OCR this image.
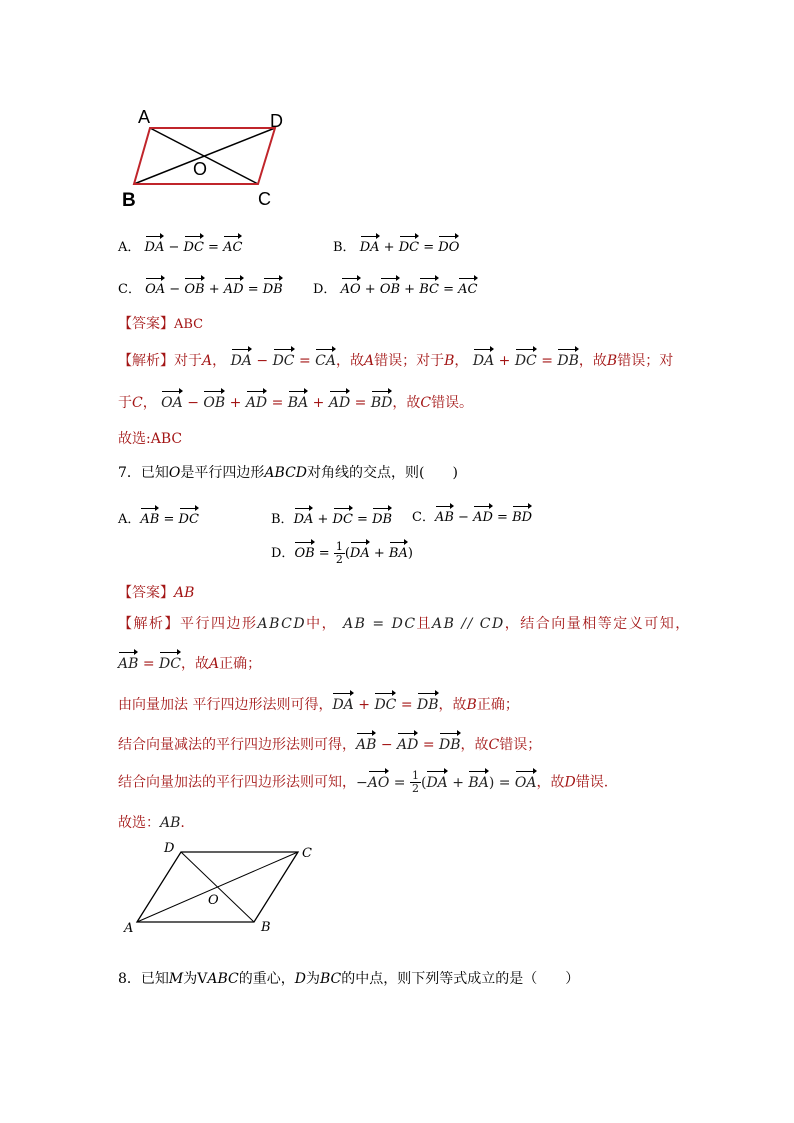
A	D
O
B	C
A． DA − DC = AC	B． DA + DC = DO
C． OA − OB + AD = DB D． AO + OB + BC = AC
【答案】ABC
【解析】对于A， DA − DC = CA，故A错误；对于B， DA + DC = DB，故B错误；对
于C， OA − OB + AD = BA + AD = BD，故C错误。
故选:ABC
7．已知O是平行四边形ABCD对角线的交点，则(　　)
A．AB = DC	B．DA + DC = DB C．AB − AD = BD
D．OB = $\frac{1}{2} (DA + BA)$
【答案】AB
【解析】平行四边形ABCD中， AB = DC且AB // CD，结合向量相等定义可知，
AB = DC，故A正确；
由向量加法 平行四边形法则可得，DA + DC = DB，故B正确；
结合向量减法的平行四边形法则可得，AB − AD = DB，故C错误；
结合向量加法的平行四边形法则可知，$-AO = \frac{1}{2} (DA + BA)$ = OA，故D错误.
故选：AB.
D	C
O
A	B
8．已知M为VABC的重心，D为BC的中点，则下列等式成立的是（　　）
